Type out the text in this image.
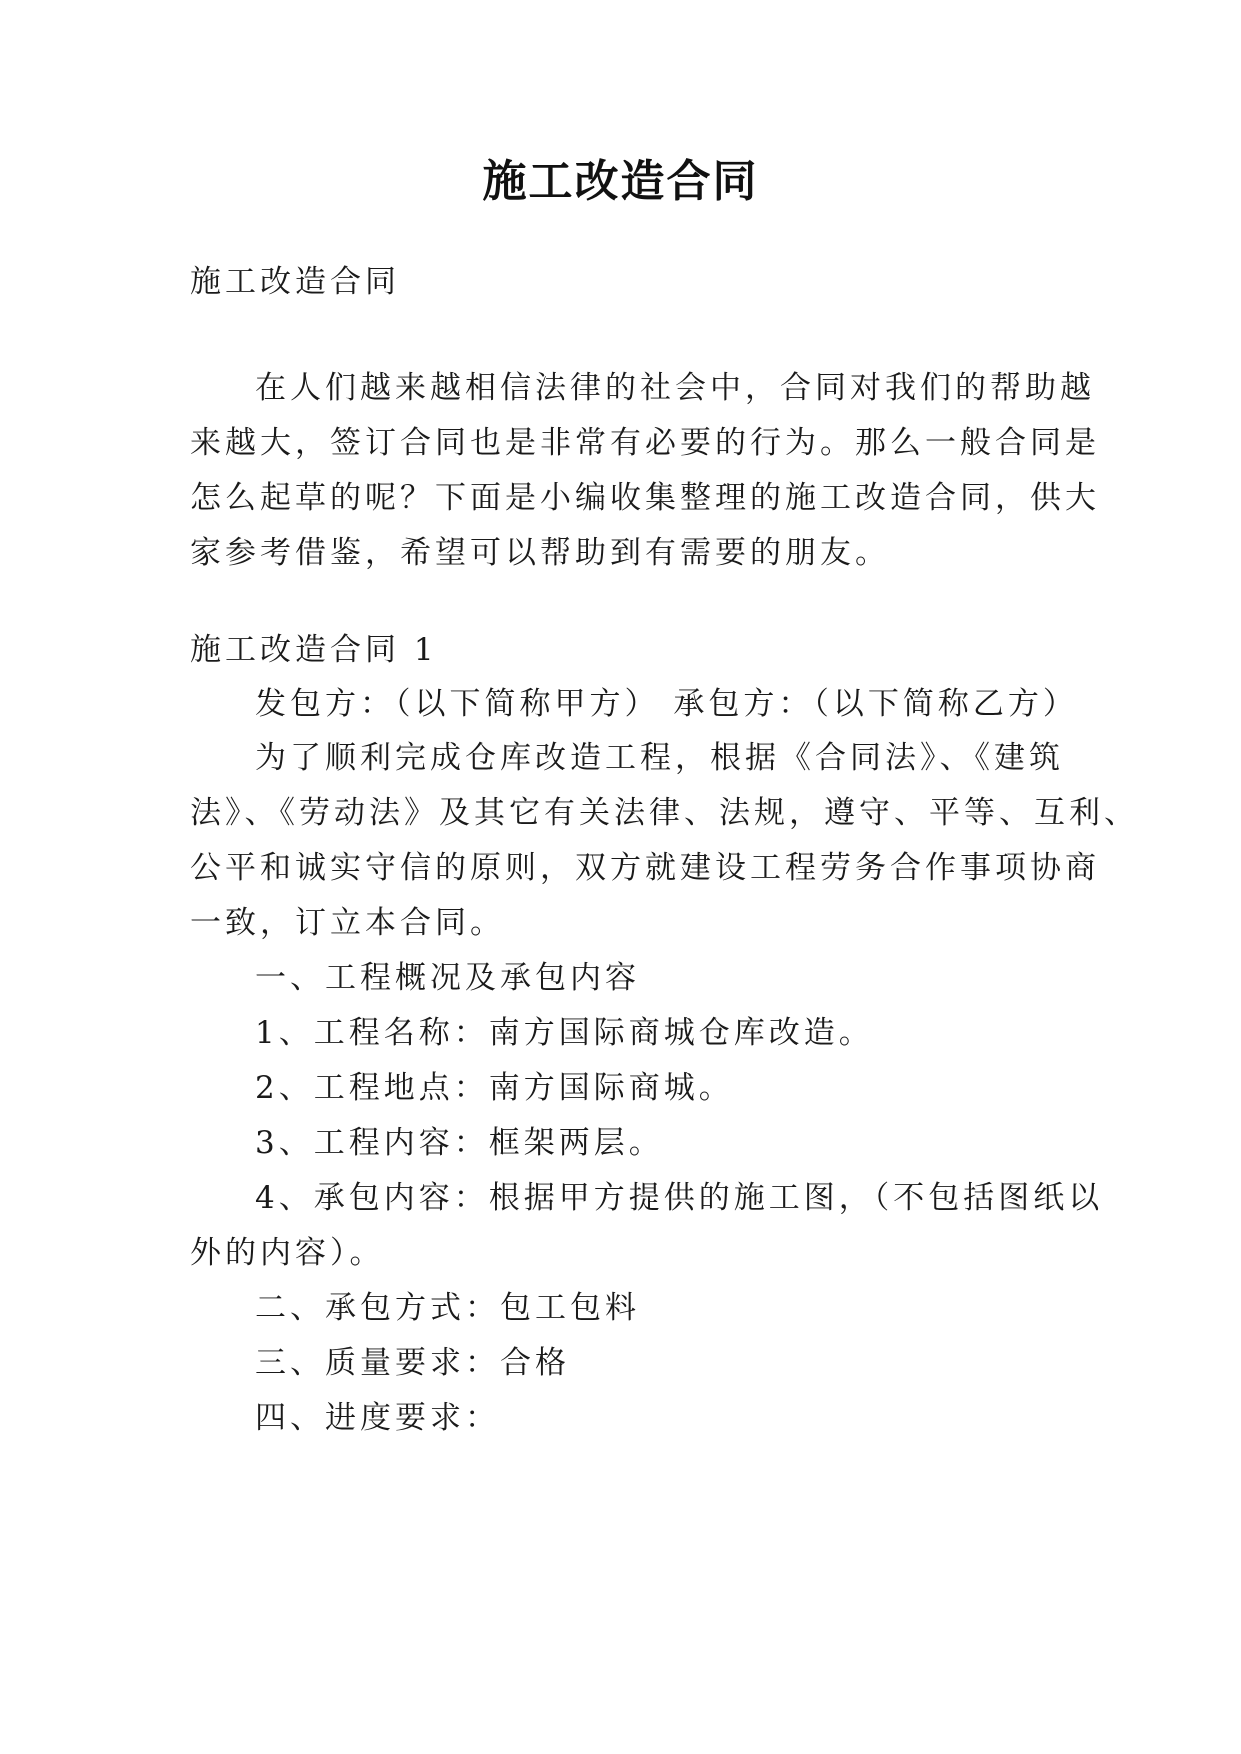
施工改造合同
施工改造合同
在人们越来越相信法律的社会中，合同对我们的帮助越
来越大，签订合同也是非常有必要的行为。那么一般合同是
怎么起草的呢？下面是小编收集整理的施工改造合同，供大
家参考借鉴，希望可以帮助到有需要的朋友。
施工改造合同 1
发包方：（以下简称甲方） 承包方：（以下简称乙方）
为了顺利完成仓库改造工程，根据《合同法》、《建筑
法》、《劳动法》及其它有关法律、法规，遵守、平等、互利、
公平和诚实守信的原则，双方就建设工程劳务合作事项协商
一致，订立本合同。
一、工程概况及承包内容
1、工程名称：南方国际商城仓库改造。
2、工程地点：南方国际商城。
3、工程内容：框架两层。
4、承包内容：根据甲方提供的施工图，（不包括图纸以
外的内容）。
二、承包方式：包工包料
三、质量要求：合格
四、进度要求：
